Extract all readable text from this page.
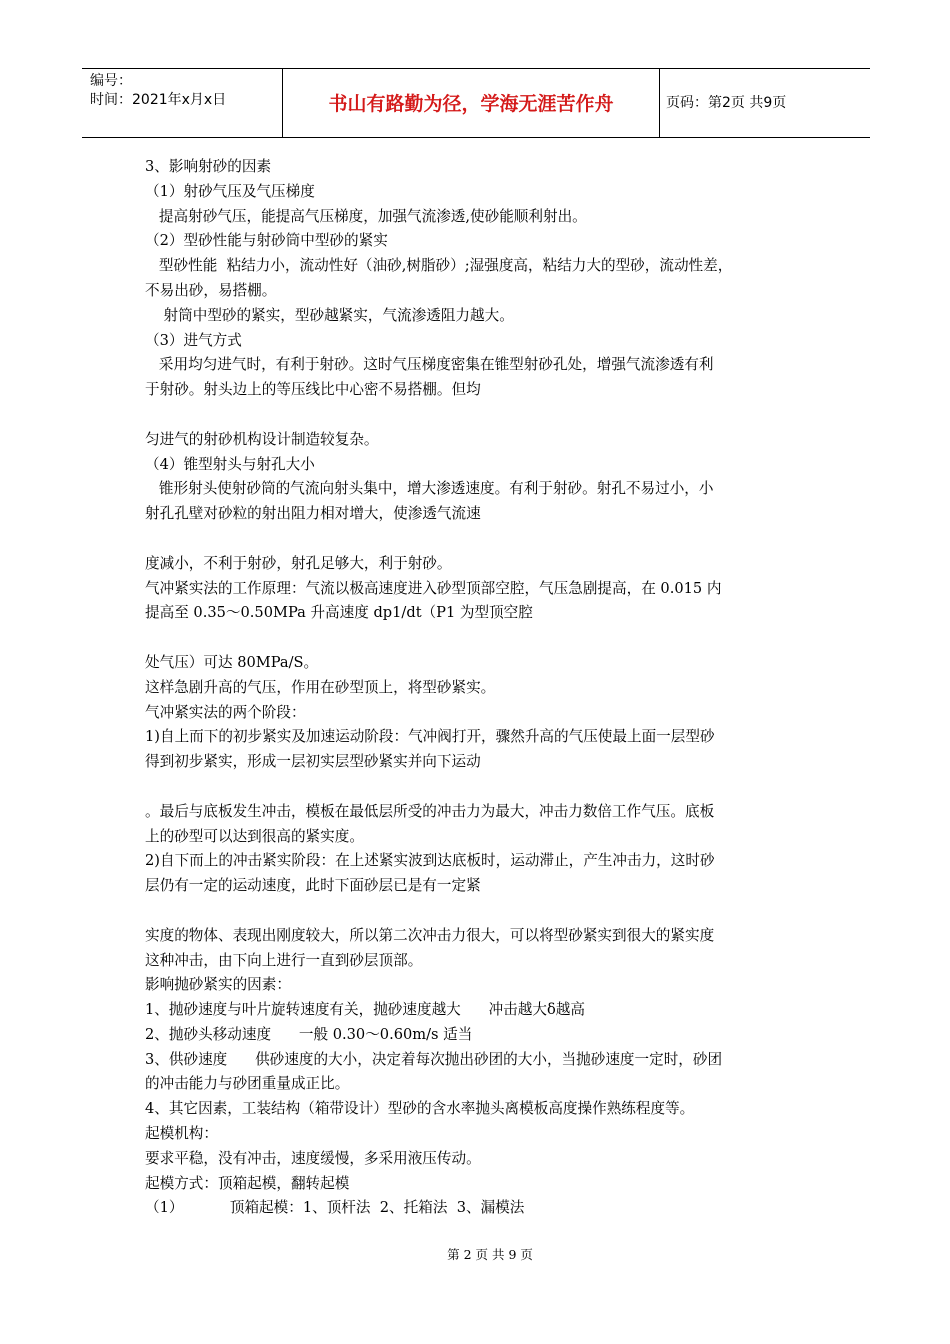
编号：
时间：2021年x月x日	书山有路勤为径，学海无涯苦作舟	页码：第2页 共9页
3、影响射砂的因素
（1）射砂气压及气压梯度
提高射砂气压，能提高气压梯度，加强气流渗透,使砂能顺利射出。
（2）型砂性能与射砂筒中型砂的紧实
型砂性能  粘结力小，流动性好（油砂,树脂砂）;湿强度高，粘结力大的型砂，流动性差，
不易出砂，易搭棚。
射筒中型砂的紧实，型砂越紧实，气流渗透阻力越大。
（3）进气方式
采用均匀进气时，有利于射砂。这时气压梯度密集在锥型射砂孔处，增强气流渗透有利
于射砂。射头边上的等压线比中心密不易搭棚。但均
匀进气的射砂机构设计制造较复杂。
（4）锥型射头与射孔大小
锥形射头使射砂筒的气流向射头集中，增大渗透速度。有利于射砂。射孔不易过小，小
射孔孔壁对砂粒的射出阻力相对增大，使渗透气流速
度减小，不利于射砂，射孔足够大，利于射砂。
气冲紧实法的工作原理：气流以极高速度进入砂型顶部空腔，气压急剧提高，在 0.015 内
提高至 0.35～0.50MPa 升高速度 dp1/dt（P1 为型顶空腔
处气压）可达 80MPa/S。
这样急剧升高的气压，作用在砂型顶上，将型砂紧实。
气冲紧实法的两个阶段：
1)自上而下的初步紧实及加速运动阶段：气冲阀打开，骤然升高的气压使最上面一层型砂
得到初步紧实，形成一层初实层型砂紧实并向下运动
。最后与底板发生冲击，模板在最低层所受的冲击力为最大，冲击力数倍工作气压。底板
上的砂型可以达到很高的紧实度。
2)自下而上的冲击紧实阶段：在上述紧实波到达底板时，运动滞止，产生冲击力，这时砂
层仍有一定的运动速度，此时下面砂层已是有一定紧
实度的物体、表现出刚度较大，所以第二次冲击力很大，可以将型砂紧实到很大的紧实度
这种冲击，由下向上进行一直到砂层顶部。
影响抛砂紧实的因素：
1、抛砂速度与叶片旋转速度有关，抛砂速度越大      冲击越大δ越高
2、抛砂头移动速度      一般 0.30～0.60m/s 适当
3、供砂速度      供砂速度的大小，决定着每次抛出砂团的大小，当抛砂速度一定时，砂团
的冲击能力与砂团重量成正比。
4、其它因素，工装结构（箱带设计）型砂的含水率抛头离模板高度操作熟练程度等。
起模机构：
要求平稳，没有冲击，速度缓慢，多采用液压传动。
起模方式：顶箱起模，翻转起模
（1）          顶箱起模：1、顶杆法  2、托箱法  3、漏模法
第 2 页 共 9 页
